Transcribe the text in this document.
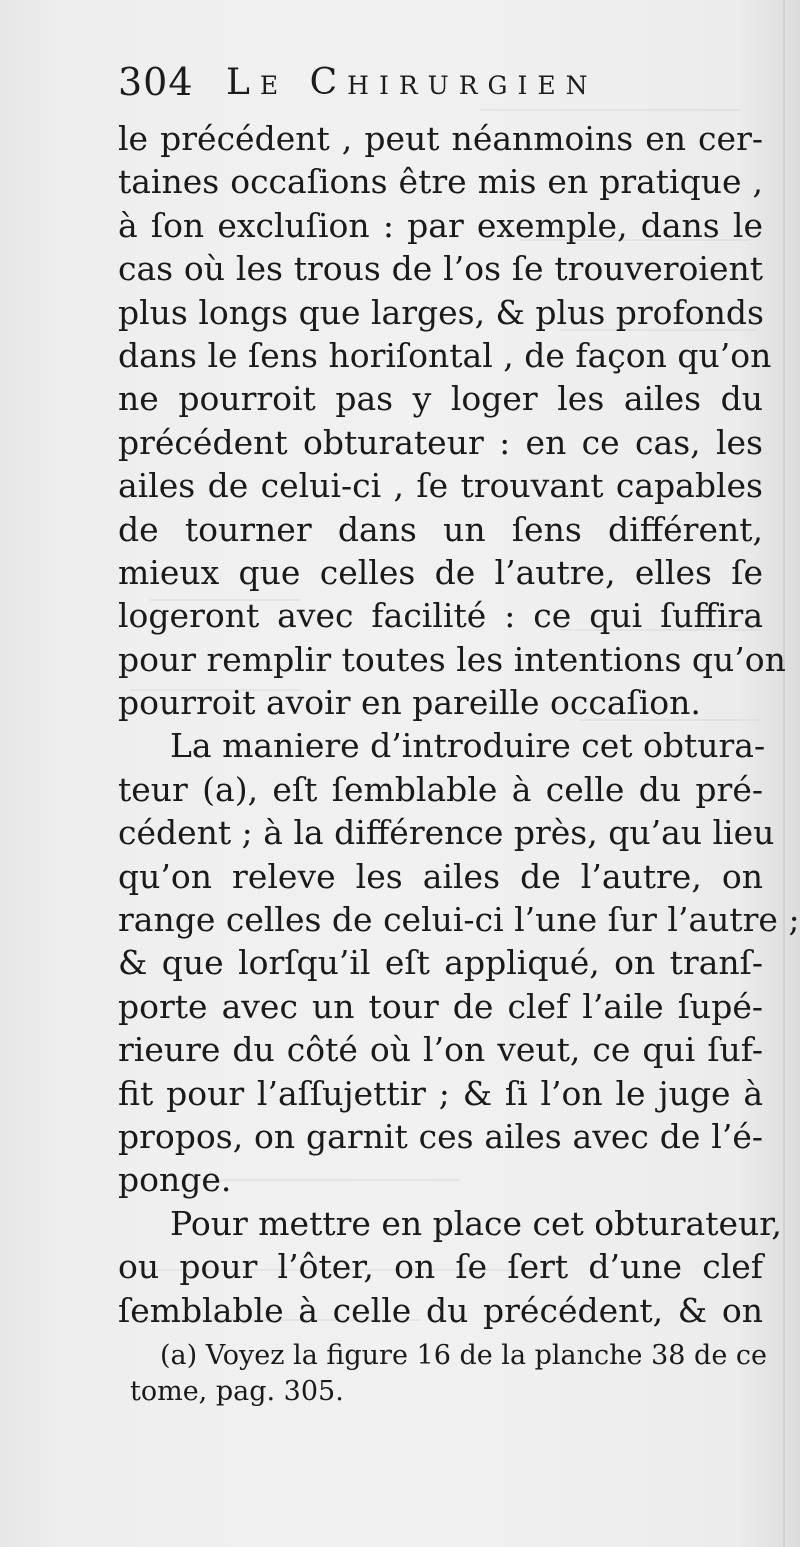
304 Le Chirurgien
le précédent , peut néanmoins en cer-
taines occaſions être mis en pratique ,
à ſon excluſion : par exemple, dans le
cas où les trous de l’os ſe trouveroient
plus longs que larges, & plus profonds
dans le ſens horiſontal , de façon qu’on
ne pourroit pas y loger les ailes du
précédent obturateur : en ce cas, les
ailes de celui-ci , ſe trouvant capables
de tourner dans un ſens différent,
mieux que celles de l’autre, elles ſe
logeront avec facilité : ce qui ſuffira
pour remplir toutes les intentions qu’on
pourroit avoir en pareille occaſion.
La maniere d’introduire cet obtura-
teur (a), eſt ſemblable à celle du pré-
cédent ; à la différence près, qu’au lieu
qu’on releve les ailes de l’autre, on
range celles de celui-ci l’une ſur l’autre ;
& que lorſqu’il eſt appliqué, on tranſ-
porte avec un tour de clef l’aile ſupé-
rieure du côté où l’on veut, ce qui ſuf-
fit pour l’aſſujettir ; & ſi l’on le juge à
propos, on garnit ces ailes avec de l’é-
ponge.
Pour mettre en place cet obturateur,
ou pour l’ôter, on ſe ſert d’une clef
ſemblable à celle du précédent, & on
(a) Voyez la figure 16 de la planche 38 de ce
tome, pag. 305.
